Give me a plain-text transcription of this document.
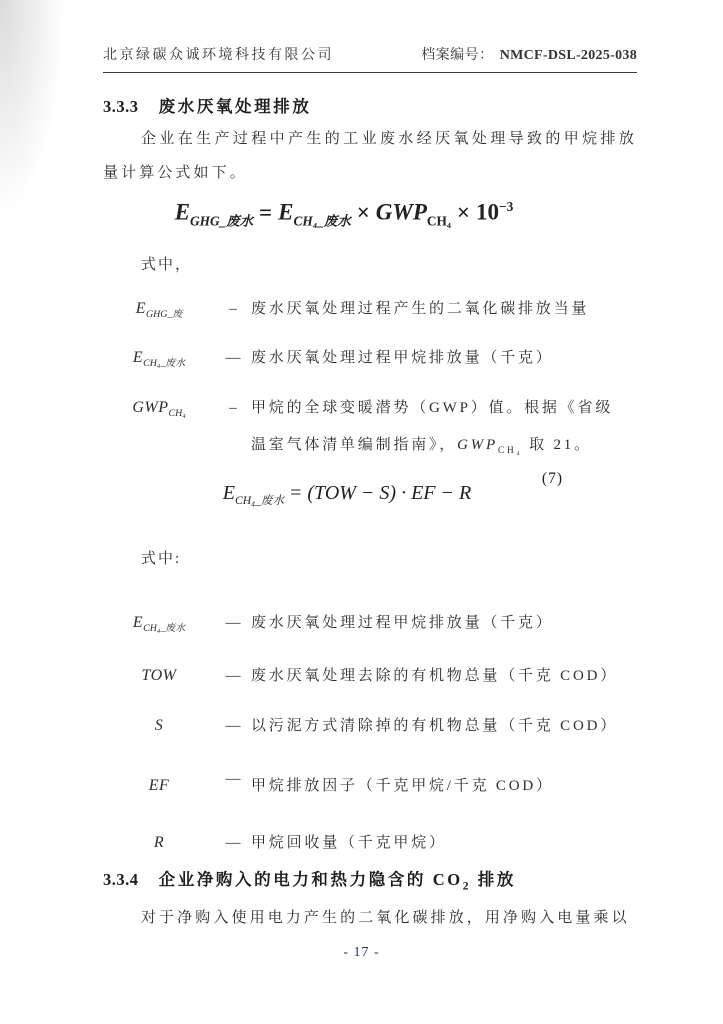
北京绿碳众诚环境科技有限公司	档案编号： NMCF-DSL-2025-038
3.3.3 废水厌氧处理排放
企业在生产过程中产生的工业废水经厌氧处理导致的甲烷排放量计算公式如下。
$E_{GHG\_废水} = E_{CH_4\_废水} \times GWP_{CH_4} \times 10^{-3}$
式中，
$E_{GHG\_废}$	– 废水厌氧处理过程产生的二氧化碳排放当量
$E_{CH_4\_废水}$	— 废水厌氧处理过程甲烷排放量（千克）
$GWP_{CH_4}$	– 甲烷的全球变暖潜势（GWP）值。根据《省级
温室气体清单编制指南》，$GWP_{CH_4}$ 取 21。
(7)
$E_{CH_4\_废水} = (TOW - S)$ · EF − R
式中:
$E_{CH_4\_废水}$	— 废水厌氧处理过程甲烷排放量（千克）
TOW	— 废水厌氧处理去除的有机物总量（千克 COD）
S	— 以污泥方式清除掉的有机物总量（千克 COD）
EF	— 甲烷排放因子（千克甲烷/千克 COD）
R	— 甲烷回收量（千克甲烷）
3.3.4 企业净购入的电力和热力隐含的 $CO_2$ 排放
对于净购入使用电力产生的二氧化碳排放，用净购入电量乘以
- 17 -
